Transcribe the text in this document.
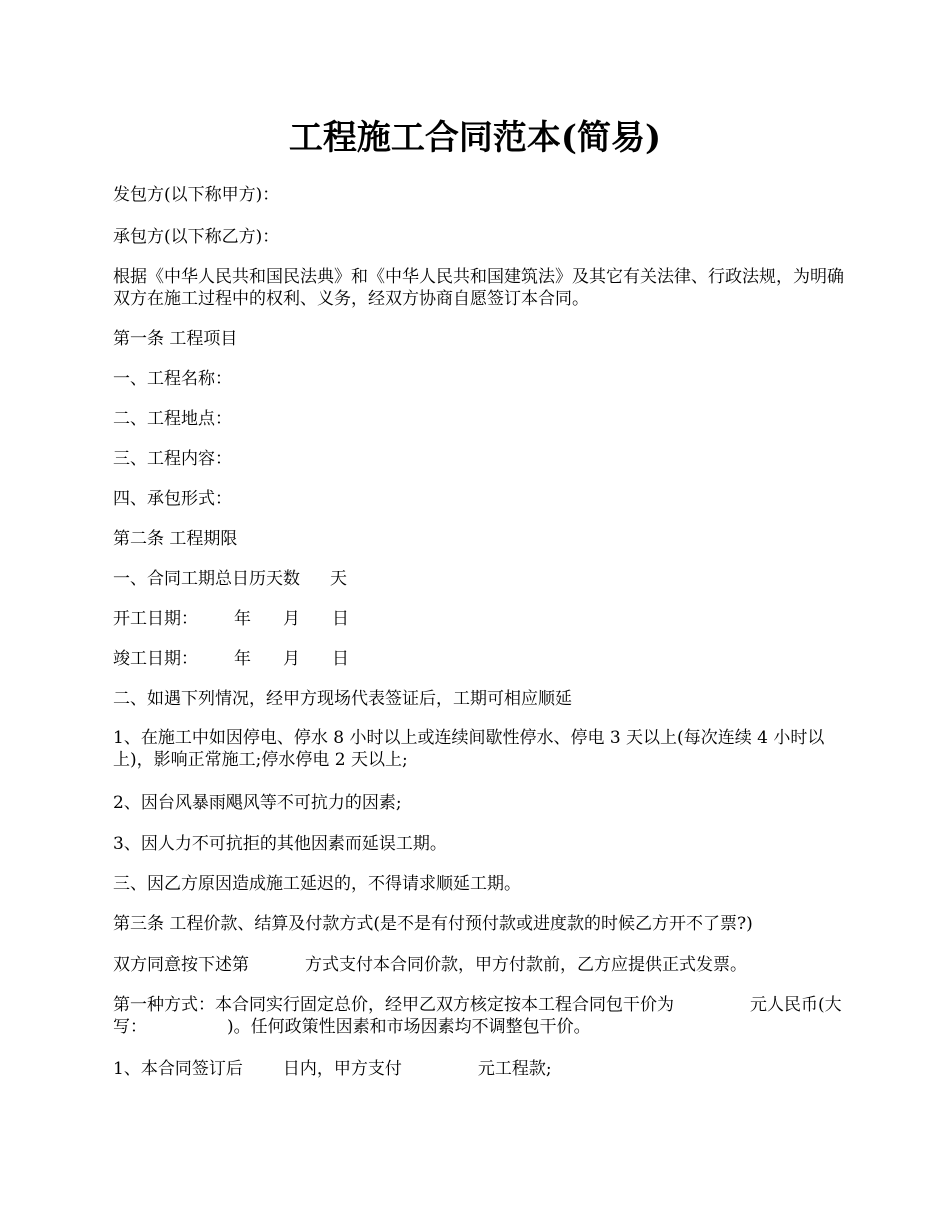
工程施工合同范本(简易)

发包方(以下称甲方)：

承包方(以下称乙方)：

根据《中华人民共和国民法典》和《中华人民共和国建筑法》及其它有关法律、行政法规，为明确双方在施工过程中的权利、义务，经双方协商自愿签订本合同。

第一条 工程项目

一、工程名称：

二、工程地点：

三、工程内容：

四、承包形式：

第二条 工程期限

一、合同工期总日历天数 天

开工日期： 年 月 日

竣工日期： 年 月 日

二、如遇下列情况，经甲方现场代表签证后，工期可相应顺延

1、在施工中如因停电、停水 8 小时以上或连续间歇性停水、停电 3 天以上(每次连续 4 小时以上)，影响正常施工;停水停电 2 天以上;

2、因台风暴雨飓风等不可抗力的因素;

3、因人力不可抗拒的其他因素而延误工期。

三、因乙方原因造成施工延迟的，不得请求顺延工期。

第三条 工程价款、结算及付款方式(是不是有付预付款或进度款的时候乙方开不了票?)

双方同意按下述第	方式支付本合同价款，甲方付款前，乙方应提供正式发票。

第一种方式：本合同实行固定总价，经甲乙双方核定按本工程合同包干价为	元人民币(大写：	)。任何政策性因素和市场因素均不调整包干价。

1、本合同签订后 日内，甲方支付	元工程款;
